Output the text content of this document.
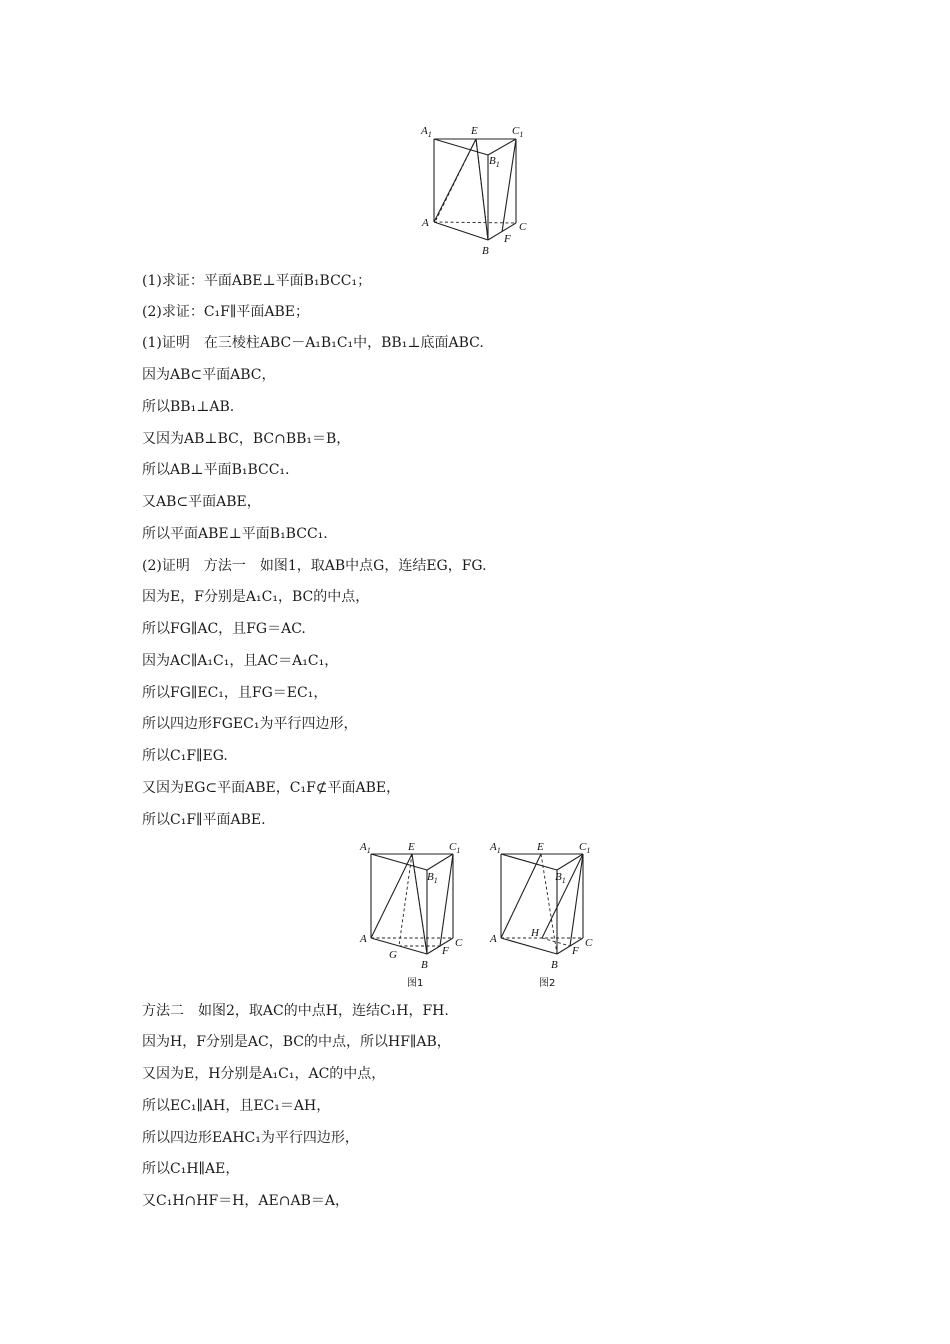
$A_1$	E	$C_1$
$B_1$
A	C
F
B
(1)求证：平面ABE⊥平面B₁BCC₁；
(2)求证：C₁F∥平面ABE；
(1)证明　在三棱柱ABC－A₁B₁C₁中，BB₁⊥底面ABC.
因为AB⊂平面ABC，
所以BB₁⊥AB.
又因为AB⊥BC，BC∩BB₁＝B，
所以AB⊥平面B₁BCC₁.
又AB⊂平面ABE，
所以平面ABE⊥平面B₁BCC₁.
(2)证明　方法一　如图1，取AB中点G，连结EG，FG.
因为E，F分别是A₁C₁，BC的中点，
所以FG∥AC，且FG＝AC.
因为AC∥A₁C₁，且AC＝A₁C₁，
所以FG∥EC₁，且FG＝EC₁，
所以四边形FGEC₁为平行四边形，
所以C₁F∥EG.
又因为EG⊂平面ABE，C₁F⊄平面ABE，
所以C₁F∥平面ABE.
$A_1$	E	$C_1$
$B_1$
A
G	F
C
B
图1
$A_1$	E	$C_1$
$B_1$
A	H
F
C
B
图2
方法二　如图2，取AC的中点H，连结C₁H，FH.
因为H，F分别是AC，BC的中点，所以HF∥AB，
又因为E，H分别是A₁C₁，AC的中点，
所以EC₁∥AH，且EC₁＝AH，
所以四边形EAHC₁为平行四边形，
所以C₁H∥AE，
又C₁H∩HF＝H，AE∩AB＝A，
